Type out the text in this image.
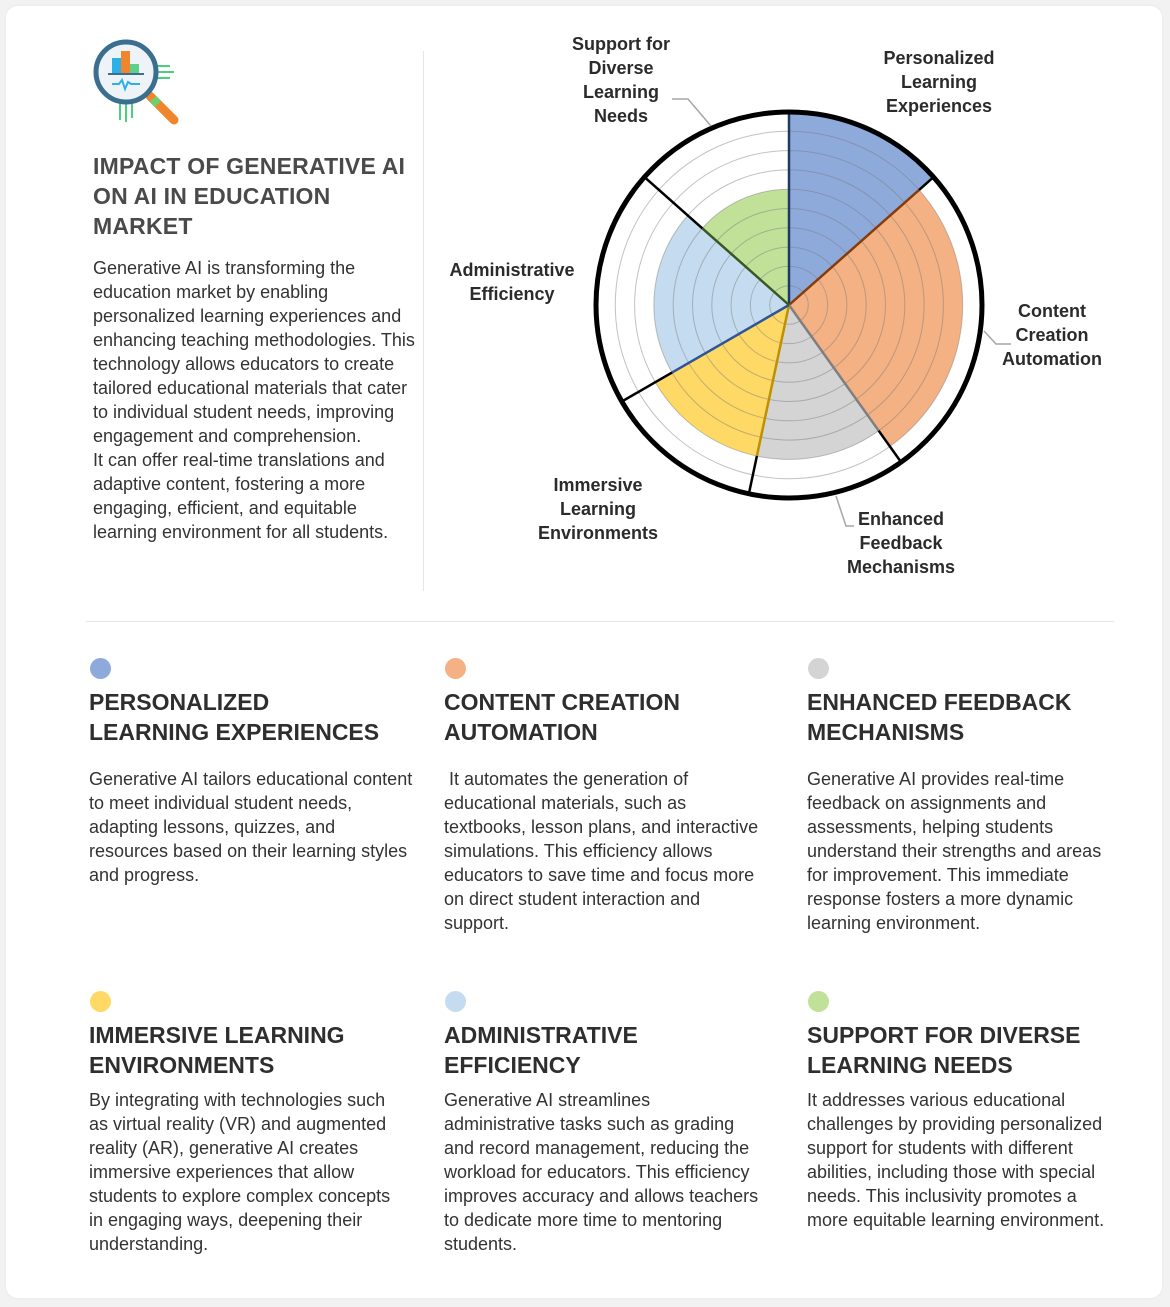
IMPACT OF GENERATIVE AI ON AI IN EDUCATION MARKET

Generative AI is transforming the education market by enabling personalized learning experiences and enhancing teaching methodologies. This technology allows educators to create tailored educational materials that cater to individual student needs, improving engagement and comprehension.

It can offer real-time translations and adaptive content, fostering a more engaging, efficient, and equitable learning environment for all students.

Personalized
Learning
Experiences
Content
Creation
Automation
Enhanced
Feedback
Mechanisms
Immersive
Learning
Environments
Administrative
Efficiency
Support for
Diverse
Learning
Needs
PERSONALIZED
LEARNING EXPERIENCES

Generative AI tailors educational content to meet individual student needs, adapting lessons, quizzes, and resources based on their learning styles and progress.

CONTENT CREATION
AUTOMATION

It automates the generation of educational materials, such as textbooks, lesson plans, and interactive simulations. This efficiency allows educators to save time and focus more on direct student interaction and support.

ENHANCED FEEDBACK
MECHANISMS

Generative AI provides real-time feedback on assignments and assessments, helping students understand their strengths and areas for improvement. This immediate response fosters a more dynamic learning environment.

IMMERSIVE LEARNING
ENVIRONMENTS

By integrating with technologies such as virtual reality (VR) and augmented reality (AR), generative AI creates immersive experiences that allow students to explore complex concepts in engaging ways, deepening their understanding.

ADMINISTRATIVE
EFFICIENCY

Generative AI streamlines administrative tasks such as grading and record management, reducing the workload for educators. This efficiency improves accuracy and allows teachers to dedicate more time to mentoring students.

SUPPORT FOR DIVERSE
LEARNING NEEDS

It addresses various educational challenges by providing personalized support for students with different abilities, including those with special needs. This inclusivity promotes a more equitable learning environment.
